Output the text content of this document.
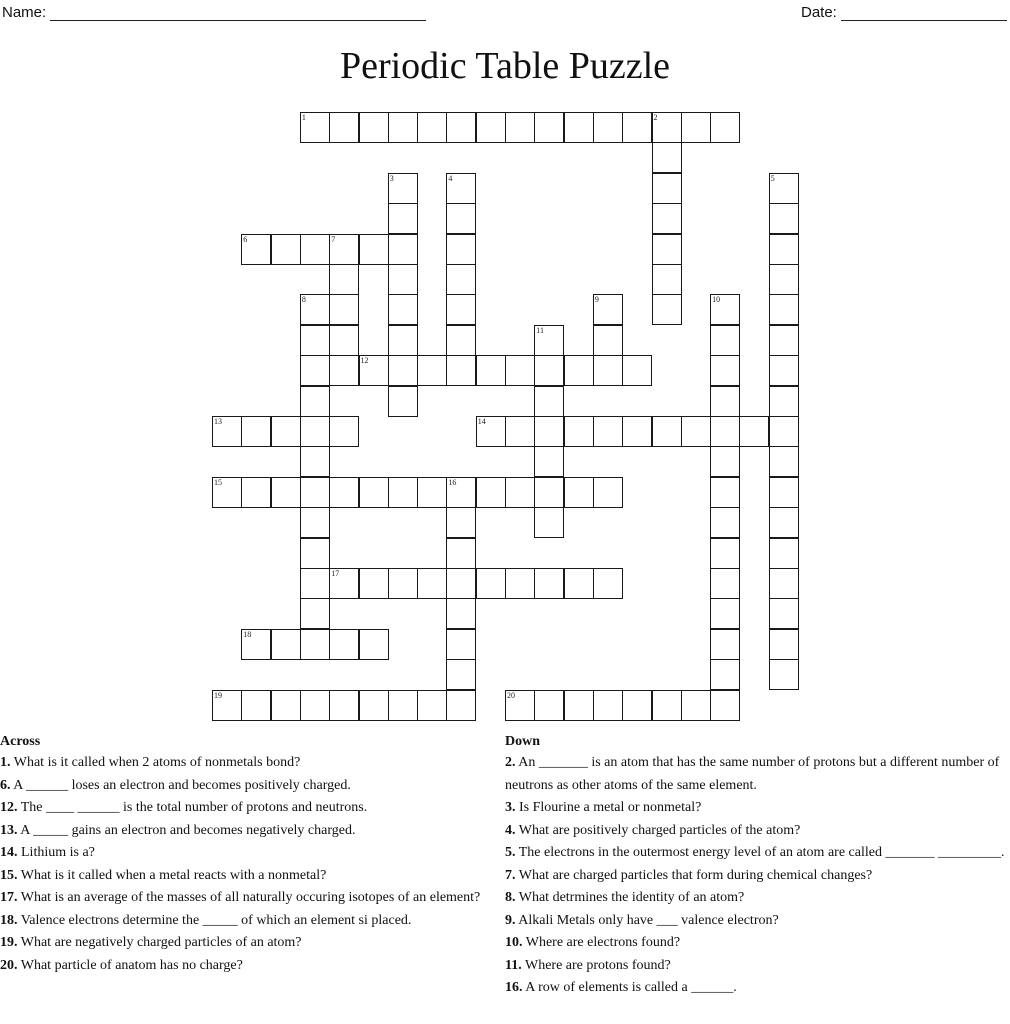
Name:	Date:
Periodic Table Puzzle
1	2
3	4	5
6	7
8	9	10
11
12
13	14
15	16
17
18
19	20
Across

1. What is it called when 2 atoms of nonmetals bond?

6. A ______ loses an electron and becomes positively charged.

12. The ____ ______ is the total number of protons and neutrons.

13. A _____ gains an electron and becomes negatively charged.

14. Lithium is a?

15. What is it called when a metal reacts with a nonmetal?

17. What is an average of the masses of all naturally occuring isotopes of an element?

18. Valence electrons determine the _____ of which an element si placed.

19. What are negatively charged particles of an atom?

20. What particle of anatom has no charge?

Down

2. An _______ is an atom that has the same number of protons but a different number of neutrons as other atoms of the same element.

3. Is Flourine a metal or nonmetal?

4. What are positively charged particles of the atom?

5. The electrons in the outermost energy level of an atom are called _______ _________.

7. What are charged particles that form during chemical changes?

8. What detrmines the identity of an atom?

9. Alkali Metals only have ___ valence electron?

10. Where are electrons found?

11. Where are protons found?

16. A row of elements is called a ______.
